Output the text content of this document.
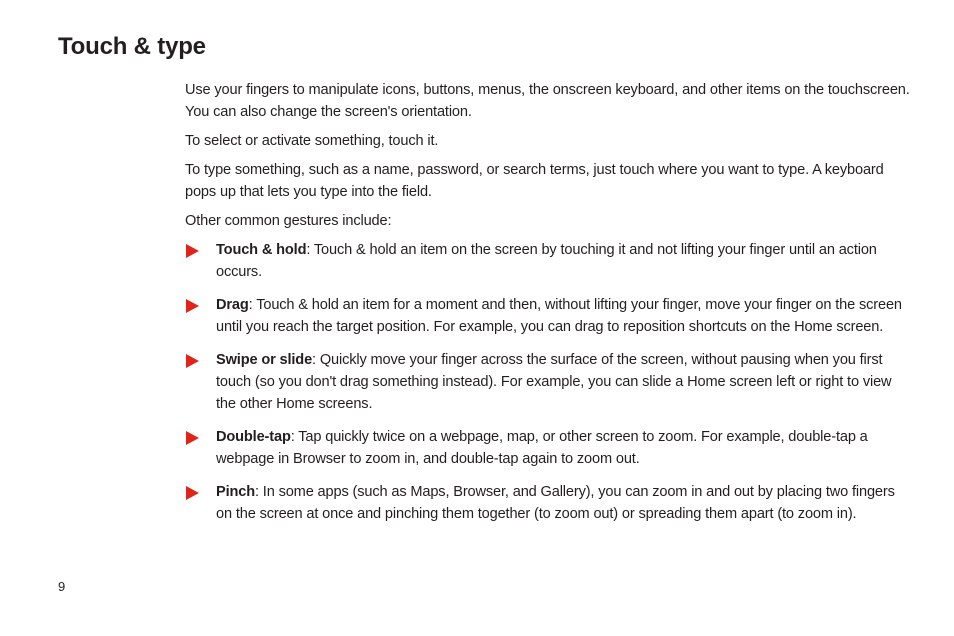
Touch & type

Use your fingers to manipulate icons, buttons, menus, the onscreen keyboard, and other items on the touchscreen. You can also change the screen's orientation.

To select or activate something, touch it.

To type something, such as a name, password, or search terms, just touch where you want to type. A keyboard pops up that lets you type into the field.

Other common gestures include:

Touch & hold: Touch & hold an item on the screen by touching it and not lifting your finger until an action occurs.
Drag: Touch & hold an item for a moment and then, without lifting your finger, move your finger on the screen until you reach the target position. For example, you can drag to reposition shortcuts on the Home screen.
Swipe or slide: Quickly move your finger across the surface of the screen, without pausing when you first touch (so you don't drag something instead). For example, you can slide a Home screen left or right to view the other Home screens.
Double-tap: Tap quickly twice on a webpage, map, or other screen to zoom. For example, double-tap a webpage in Browser to zoom in, and double-tap again to zoom out.
Pinch: In some apps (such as Maps, Browser, and Gallery), you can zoom in and out by placing two fingers on the screen at once and pinching them together (to zoom out) or spreading them apart (to zoom in).
9
